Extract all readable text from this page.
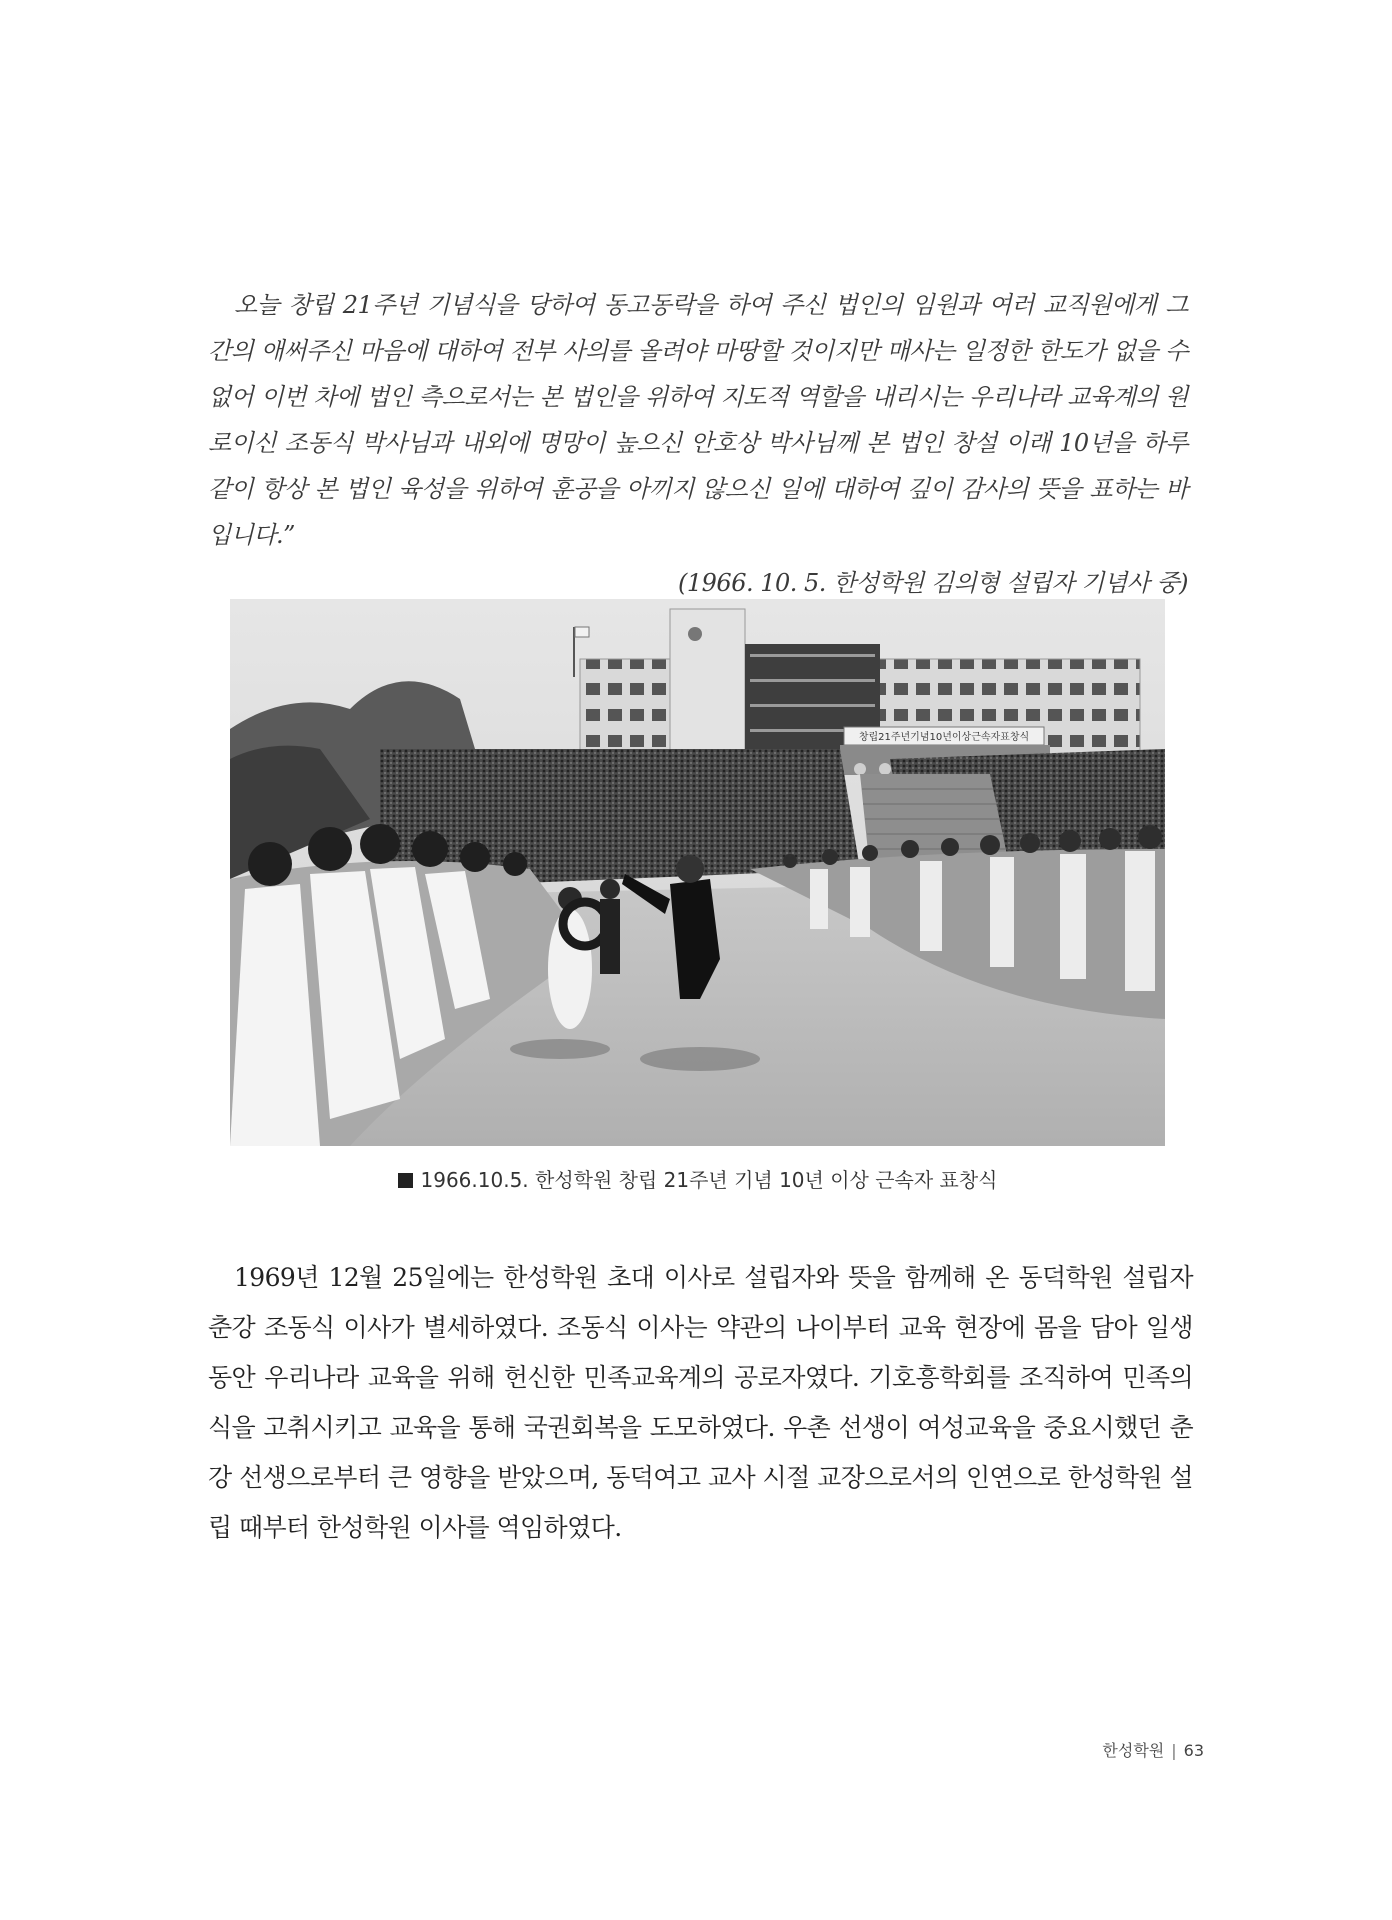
오늘 창립 21주년 기념식을 당하여 동고동락을 하여 주신 법인의 임원과 여러 교직원에게 그간의 애써주신 마음에 대하여 전부 사의를 올려야 마땅할 것이지만 매사는 일정한 한도가 없을 수 없어 이번 차에 법인 측으로서는 본 법인을 위하여 지도적 역할을 내리시는 우리나라 교육계의 원로이신 조동식 박사님과 내외에 명망이 높으신 안호상 박사님께 본 법인 창설 이래 10년을 하루같이 항상 본 법인 육성을 위하여 훈공을 아끼지 않으신 일에 대하여 깊이 감사의 뜻을 표하는 바입니다.”

(1966. 10. 5. 한성학원 김의형 설립자 기념사 중)
창립21주년기념10년이상근속자표창식
1966.10.5. 한성학원 창립 21주년 기념 10년 이상 근속자 표창식

1969년 12월 25일에는 한성학원 초대 이사로 설립자와 뜻을 함께해 온 동덕학원 설립자 춘강 조동식 이사가 별세하였다. 조동식 이사는 약관의 나이부터 교육 현장에 몸을 담아 일생동안 우리나라 교육을 위해 헌신한 민족교육계의 공로자였다. 기호흥학회를 조직하여 민족의식을 고취시키고 교육을 통해 국권회복을 도모하였다. 우촌 선생이 여성교육을 중요시했던 춘강 선생으로부터 큰 영향을 받았으며, 동덕여고 교사 시절 교장으로서의 인연으로 한성학원 설립 때부터 한성학원 이사를 역임하였다.

한성학원 | 63
